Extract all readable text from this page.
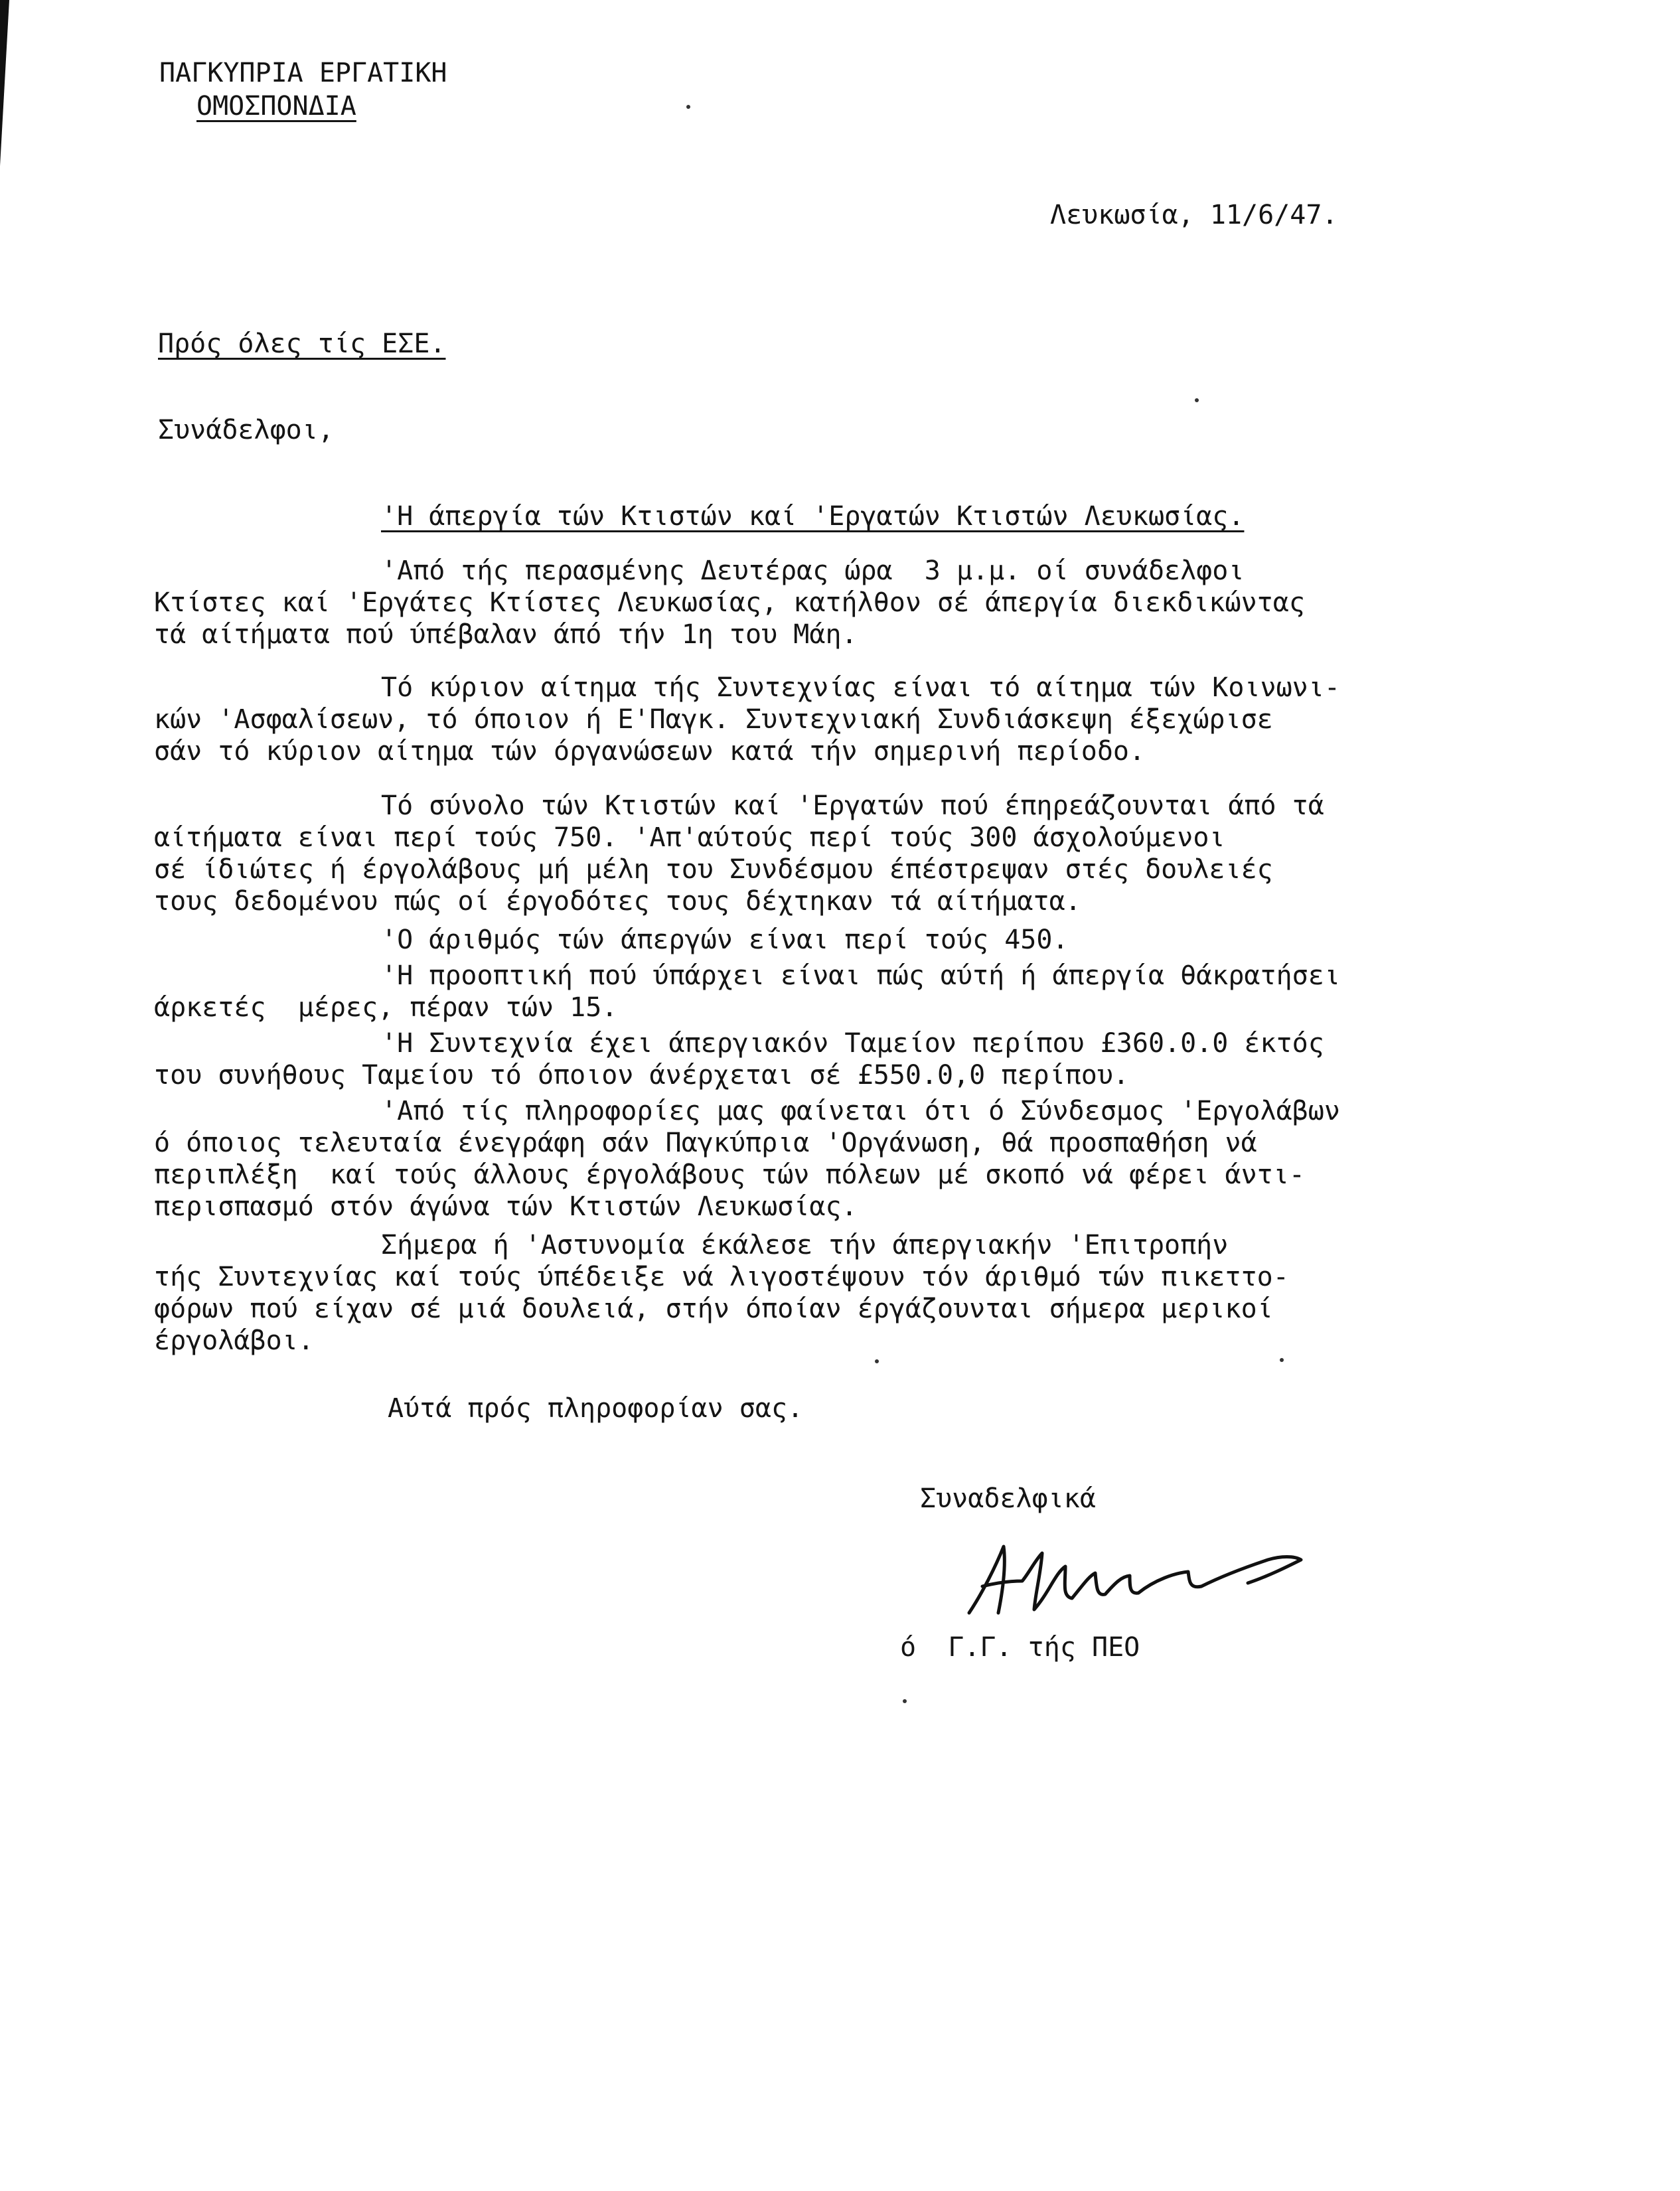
ΠΑΓΚΥΠΡΙΑ ΕΡΓΑΤΙΚΗ
ΟΜΟΣΠΟΝΔΙΑ
Λευκωσία, 11/6/47.
Πρός όλες τίς ΕΣΕ.
Συνάδελφοι,
'Η άπεργία τών Κτιστών καί 'Εργατών Κτιστών Λευκωσίας.
'Από τής περασμένης Δευτέρας ώρα  3 μ.μ. οί συνάδελφοι
Κτίστες καί 'Εργάτες Κτίστες Λευκωσίας, κατήλθον σέ άπεργία διεκδικώντας
τά αίτήματα πού ύπέβαλαν άπό τήν 1η του Μάη.
Τό κύριον αίτημα τής Συντεχνίας είναι τό αίτημα τών Κοινωνι-
κών 'Ασφαλίσεων, τό όποιον ή Ε'Παγκ. Συντεχνιακή Συνδιάσκεψη έξεχώρισε
σάν τό κύριον αίτημα τών όργανώσεων κατά τήν σημερινή περίοδο.
Τό σύνολο τών Κτιστών καί 'Εργατών πού έπηρεάζουνται άπό τά
αίτήματα είναι περί τούς 750. 'Απ'αύτούς περί τούς 300 άσχολούμενοι
σέ ίδιώτες ή έργολάβους μή μέλη του Συνδέσμου έπέστρεψαν στές δουλειές
τους δεδομένου πώς οί έργοδότες τους δέχτηκαν τά αίτήματα.
'Ο άριθμός τών άπεργών είναι περί τούς 450.
'Η προοπτική πού ύπάρχει είναι πώς αύτή ή άπεργία θάκρατήσει
άρκετές  μέρες, πέραν τών 15.
'Η Συντεχνία έχει άπεργιακόν Ταμείον περίπου £360.0.0 έκτός
του συνήθους Ταμείου τό όποιον άνέρχεται σέ £550.0,0 περίπου.
'Από τίς πληροφορίες μας φαίνεται ότι ό Σύνδεσμος 'Εργολάβων
ό όποιος τελευταία ένεγράφη σάν Παγκύπρια 'Οργάνωση, θά προσπαθήση νά
περιπλέξη  καί τούς άλλους έργολάβους τών πόλεων μέ σκοπό νά φέρει άντι-
περισπασμό στόν άγώνα τών Κτιστών Λευκωσίας.
Σήμερα ή 'Αστυνομία έκάλεσε τήν άπεργιακήν 'Επιτροπήν
τής Συντεχνίας καί τούς ύπέδειξε νά λιγοστέψουν τόν άριθμό τών πικεττο-
φόρων πού είχαν σέ μιά δουλειά, στήν όποίαν έργάζουνται σήμερα μερικοί
έργολάβοι.
Αύτά πρός πληροφορίαν σας.
Συναδελφικά
ό  Γ.Γ. τής ΠΕΟ
